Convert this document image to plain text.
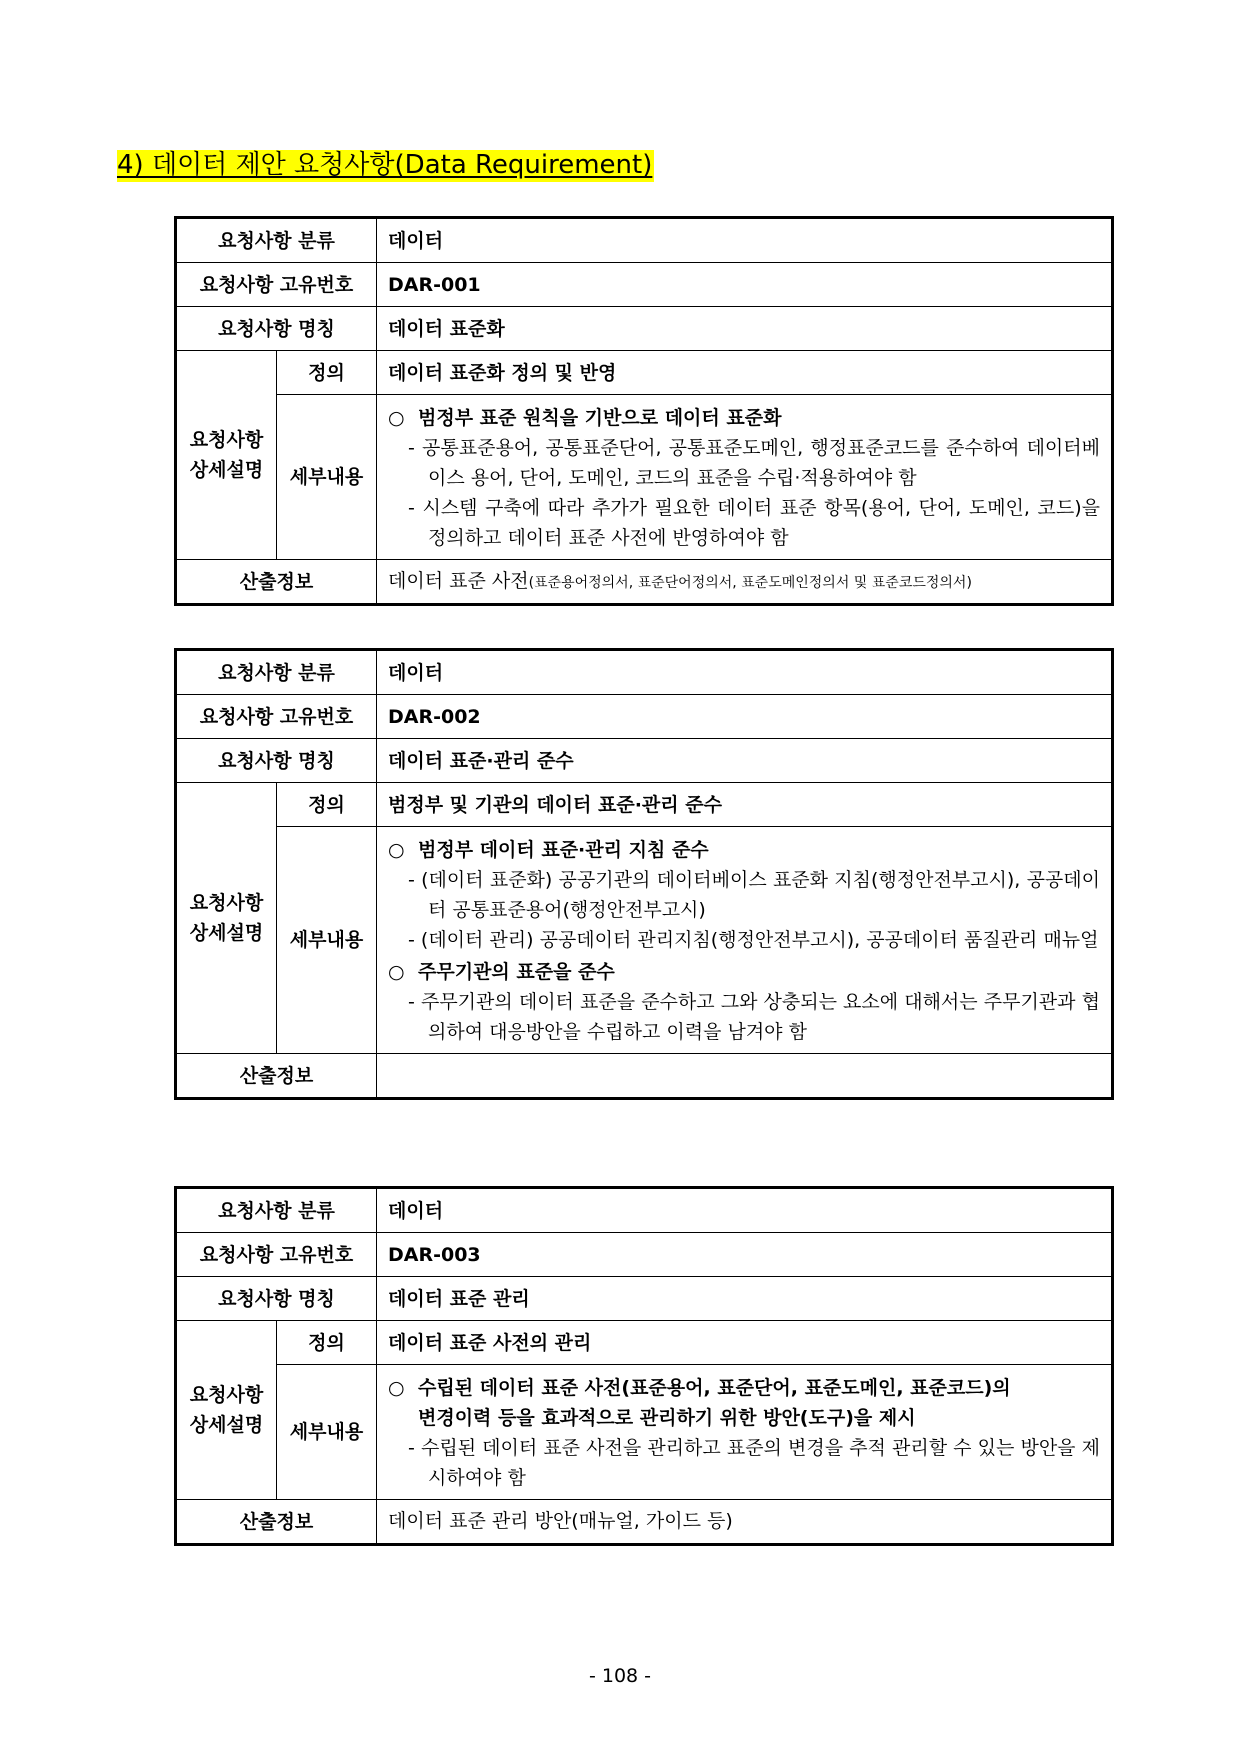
4) 데이터 제안 요청사항(Data Requirement)
요청사항 분류		데이터
요청사항 고유번호		DAR-001
요청사항 명칭		데이터 표준화
요청사항
상세설명	정의	데이터 표준화 정의 및 반영
	세부내용	○ 범정부 표준 원칙을 기반으로 데이터 표준화

- 공통표준용어, 공통표준단어, 공통표준도메인, 행정표준코드를 준수하여 데이터베이스 용어, 단어, 도메인, 코드의 표준을 수립·적용하여야 함

- 시스템 구축에 따라 추가가 필요한 데이터 표준 항목(용어, 단어, 도메인, 코드)을 정의하고 데이터 표준 사전에 반영하여야 함

산출정보		데이터 표준 사전(표준용어정의서, 표준단어정의서, 표준도메인정의서 및 표준코드정의서)
요청사항 분류		데이터
요청사항 고유번호		DAR-002
요청사항 명칭		데이터 표준·관리 준수
요청사항
상세설명	정의	범정부 및 기관의 데이터 표준·관리 준수
	세부내용	○ 범정부 데이터 표준·관리 지침 준수

- (데이터 표준화) 공공기관의 데이터베이스 표준화 지침(행정안전부고시), 공공데이터 공통표준용어(행정안전부고시)

- (데이터 관리) 공공데이터 관리지침(행정안전부고시), 공공데이터 품질관리 매뉴얼

○ 주무기관의 표준을 준수

- 주무기관의 데이터 표준을 준수하고 그와 상충되는 요소에 대해서는 주무기관과 협의하여 대응방안을 수립하고 이력을 남겨야 함

산출정보		
요청사항 분류		데이터
요청사항 고유번호		DAR-003
요청사항 명칭		데이터 표준 관리
요청사항
상세설명	정의	데이터 표준 사전의 관리
	세부내용	○ 수립된 데이터 표준 사전(표준용어, 표준단어, 표준도메인, 표준코드)의 변경이력 등을 효과적으로 관리하기 위한 방안(도구)을 제시

- 수립된 데이터 표준 사전을 관리하고 표준의 변경을 추적 관리할 수 있는 방안을 제시하여야 함

산출정보		데이터 표준 관리 방안(매뉴얼, 가이드 등)
- 108 -
